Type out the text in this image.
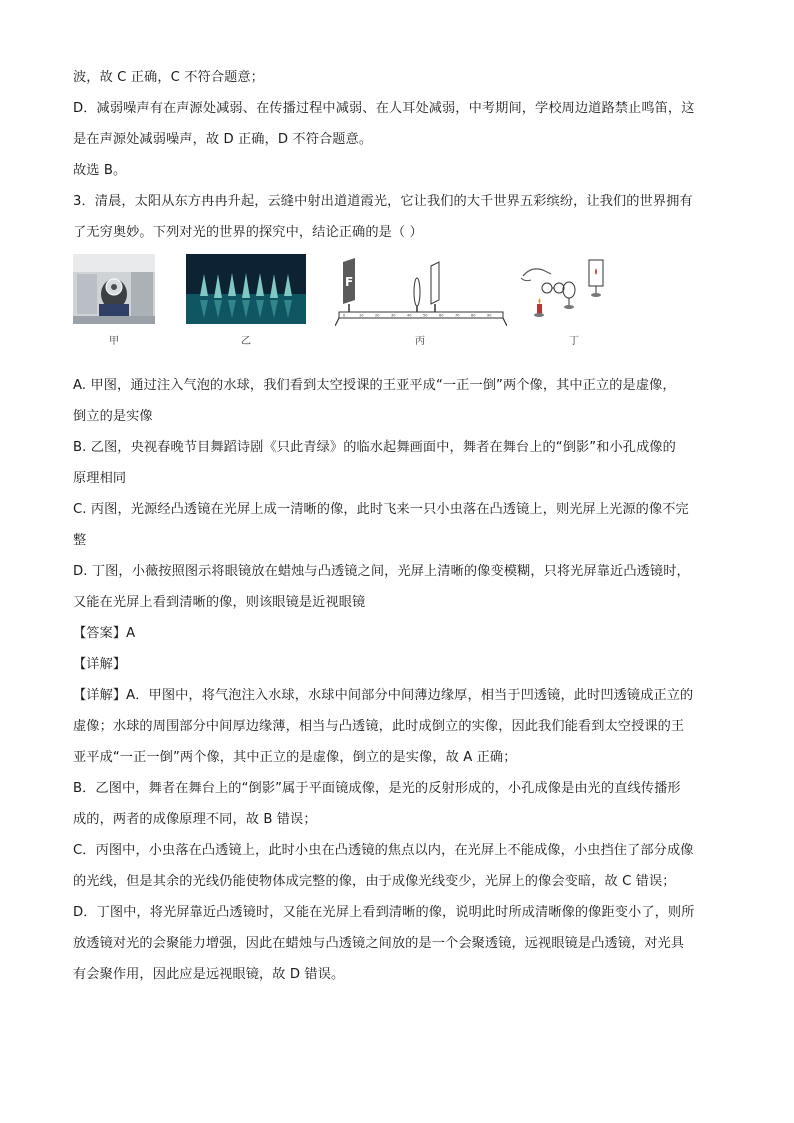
波，故 C 正确，C 不符合题意；
D．减弱噪声有在声源处减弱、在传播过程中减弱、在人耳处减弱，中考期间，学校周边道路禁止鸣笛，这
是在声源处减弱噪声，故 D 正确，D 不符合题意。
故选 B。
3．清晨，太阳从东方冉冉升起，云缝中射出道道霞光，它让我们的大千世界五彩缤纷，让我们的世界拥有
了无穷奥妙。下列对光的世界的探究中，结论正确的是（ ）
甲	乙
F
0	10	20	30	40	50	60	70	80	90
丙	丁
A. 甲图，通过注入气泡的水球，我们看到太空授课的王亚平成“一正一倒”两个像，其中正立的是虚像，
倒立的是实像
B. 乙图，央视春晚节目舞蹈诗剧《只此青绿》的临水起舞画面中，舞者在舞台上的“倒影”和小孔成像的
原理相同
C. 丙图，光源经凸透镜在光屏上成一清晰的像，此时飞来一只小虫落在凸透镜上，则光屏上光源的像不完
整
D. 丁图，小薇按照图示将眼镜放在蜡烛与凸透镜之间，光屏上清晰的像变模糊，只将光屏靠近凸透镜时，
又能在光屏上看到清晰的像，则该眼镜是近视眼镜
【答案】A
【详解】
【详解】A．甲图中，将气泡注入水球，水球中间部分中间薄边缘厚，相当于凹透镜，此时凹透镜成正立的
虚像；水球的周围部分中间厚边缘薄，相当与凸透镜，此时成倒立的实像，因此我们能看到太空授课的王
亚平成“一正一倒”两个像，其中正立的是虚像，倒立的是实像，故 A 正确；
B．乙图中，舞者在舞台上的“倒影”属于平面镜成像，是光的反射形成的，小孔成像是由光的直线传播形
成的，两者的成像原理不同，故 B 错误；
C．丙图中，小虫落在凸透镜上，此时小虫在凸透镜的焦点以内，在光屏上不能成像，小虫挡住了部分成像
的光线，但是其余的光线仍能使物体成完整的像，由于成像光线变少，光屏上的像会变暗，故 C 错误；
D．丁图中，将光屏靠近凸透镜时，又能在光屏上看到清晰的像，说明此时所成清晰像的像距变小了，则所
放透镜对光的会聚能力增强，因此在蜡烛与凸透镜之间放的是一个会聚透镜，远视眼镜是凸透镜，对光具
有会聚作用，因此应是远视眼镜，故 D 错误。
